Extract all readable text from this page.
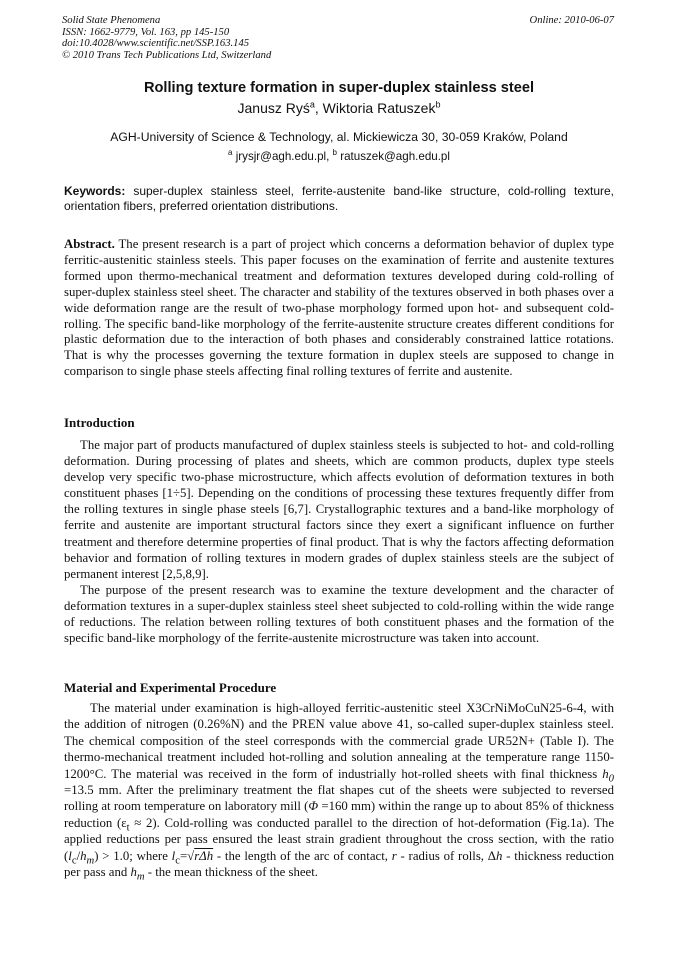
Solid State Phenomena
ISSN: 1662-9779, Vol. 163, pp 145-150
doi:10.4028/www.scientific.net/SSP.163.145
© 2010 Trans Tech Publications Ltd, Switzerland
Online: 2010-06-07
Rolling texture formation in super-duplex stainless steel
Janusz Ryś$^a$, Wiktoria Ratuszek$^b$
AGH-University of Science & Technology, al. Mickiewicza 30, 30-059 Kraków, Poland
$^a$ jrysjr@agh.edu.pl, $^b$ ratuszek@agh.edu.pl
Keywords: super-duplex stainless steel, ferrite-austenite band-like structure, cold-rolling texture, orientation fibers, preferred orientation distributions.
Abstract. The present research is a part of project which concerns a deformation behavior of duplex type ferritic-austenitic stainless steels. This paper focuses on the examination of ferrite and austenite textures formed upon thermo-mechanical treatment and deformation textures developed during cold-rolling of super-duplex stainless steel sheet. The character and stability of the textures observed in both phases over a wide deformation range are the result of two-phase morphology formed upon hot- and subsequent cold-rolling. The specific band-like morphology of the ferrite-austenite structure creates different conditions for plastic deformation due to the interaction of both phases and considerably constrained lattice rotations. That is why the processes governing the texture formation in duplex steels are supposed to change in comparison to single phase steels affecting final rolling textures of ferrite and austenite.
Introduction

The major part of products manufactured of duplex stainless steels is subjected to hot- and cold-rolling deformation. During processing of plates and sheets, which are common products, duplex type steels develop very specific two-phase microstructure, which affects evolution of deformation textures in both constituent phases [1÷5]. Depending on the conditions of processing these textures frequently differ from the rolling textures in single phase steels [6,7]. Crystallographic textures and a band-like morphology of ferrite and austenite are important structural factors since they exert a significant influence on further treatment and therefore determine properties of final product. That is why the factors affecting deformation behavior and formation of rolling textures in modern grades of duplex stainless steels are the subject of permanent interest [2,5,8,9].

The purpose of the present research was to examine the texture development and the character of deformation textures in a super-duplex stainless steel sheet subjected to cold-rolling within the wide range of reductions. The relation between rolling textures of both constituent phases and the formation of the specific band-like morphology of the ferrite-austenite microstructure was taken into account.

Material and Experimental Procedure

The material under examination is high-alloyed ferritic-austenitic steel X3CrNiMoCuN25-6-4, with the addition of nitrogen (0.26%N) and the PREN value above 41, so-called super-duplex stainless steel. The chemical composition of the steel corresponds with the commercial grade UR52N+ (Table I). The thermo-mechanical treatment included hot-rolling and solution annealing at the temperature range 1150-1200°C. The material was received in the form of industrially hot-rolled sheets with final thickness $h_0 =13.5$ mm. After the preliminary treatment the flat shapes cut of the sheets were subjected to reversed rolling at room temperature on laboratory mill (Φ =160 mm) within the range up to about 85% of thickness reduction $(\varepsilon_t \approx 2)$. Cold-rolling was conducted parallel to the direction of hot-deformation (Fig.1a). The applied reductions per pass ensured the least strain gradient throughout the cross section, with the ratio $(l_c/h_m) > 1.0$; where $l_c=√r\Delta h$ - the length of the arc of contact, r - radius of rolls, Δh - thickness reduction per pass and $h_m$ - the mean thickness of the sheet.
